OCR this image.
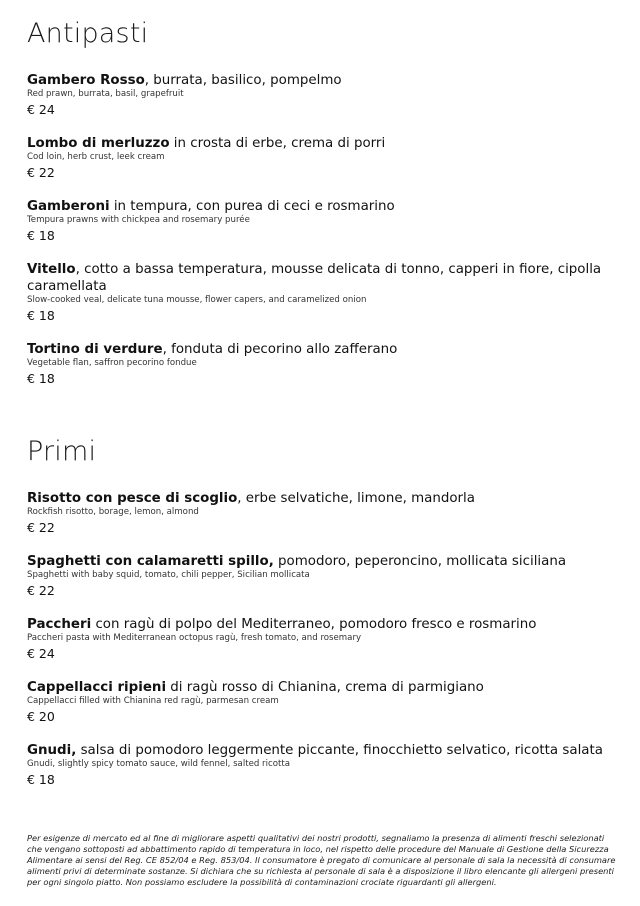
Antipasti
Gambero Rosso, burrata, basilico, pompelmo
Red prawn, burrata, basil, grapefruit
€ 24
Lombo di merluzzo in crosta di erbe, crema di porri
Cod loin, herb crust, leek cream
€ 22
Gamberoni in tempura, con purea di ceci e rosmarino
Tempura prawns with chickpea and rosemary purée
€ 18
Vitello, cotto a bassa temperatura, mousse delicata di tonno, capperi in fiore, cipolla caramellata
Slow-cooked veal, delicate tuna mousse, flower capers, and caramelized onion
€ 18
Tortino di verdure, fonduta di pecorino allo zafferano
Vegetable flan, saffron pecorino fondue
€ 18
Primi
Risotto con pesce di scoglio, erbe selvatiche, limone, mandorla
Rockfish risotto, borage, lemon, almond
€ 22
Spaghetti con calamaretti spillo, pomodoro, peperoncino, mollicata siciliana
Spaghetti with baby squid, tomato, chili pepper, Sicilian mollicata
€ 22
Paccheri con ragù di polpo del Mediterraneo, pomodoro fresco e rosmarino
Paccheri pasta with Mediterranean octopus ragù, fresh tomato, and rosemary
€ 24
Cappellacci ripieni di ragù rosso di Chianina, crema di parmigiano
Cappellacci filled with Chianina red ragù, parmesan cream
€ 20
Gnudi, salsa di pomodoro leggermente piccante, finocchietto selvatico, ricotta salata
Gnudi, slightly spicy tomato sauce, wild fennel, salted ricotta
€ 18
Per esigenze di mercato ed al fine di migliorare aspetti qualitativi dei nostri prodotti, segnaliamo la presenza di alimenti freschi selezionati che vengano sottoposti ad abbattimento rapido di temperatura in loco, nel rispetto delle procedure del Manuale di Gestione della Sicurezza Alimentare ai sensi del Reg. CE 852/04 e Reg. 853/04. Il consumatore è pregato di comunicare al personale di sala la necessità di consumare alimenti privi di determinate sostanze. Si dichiara che su richiesta al personale di sala è a disposizione il libro elencante gli allergeni presenti per ogni singolo piatto. Non possiamo escludere la possibilità di contaminazioni crociate riguardanti gli allergeni.
